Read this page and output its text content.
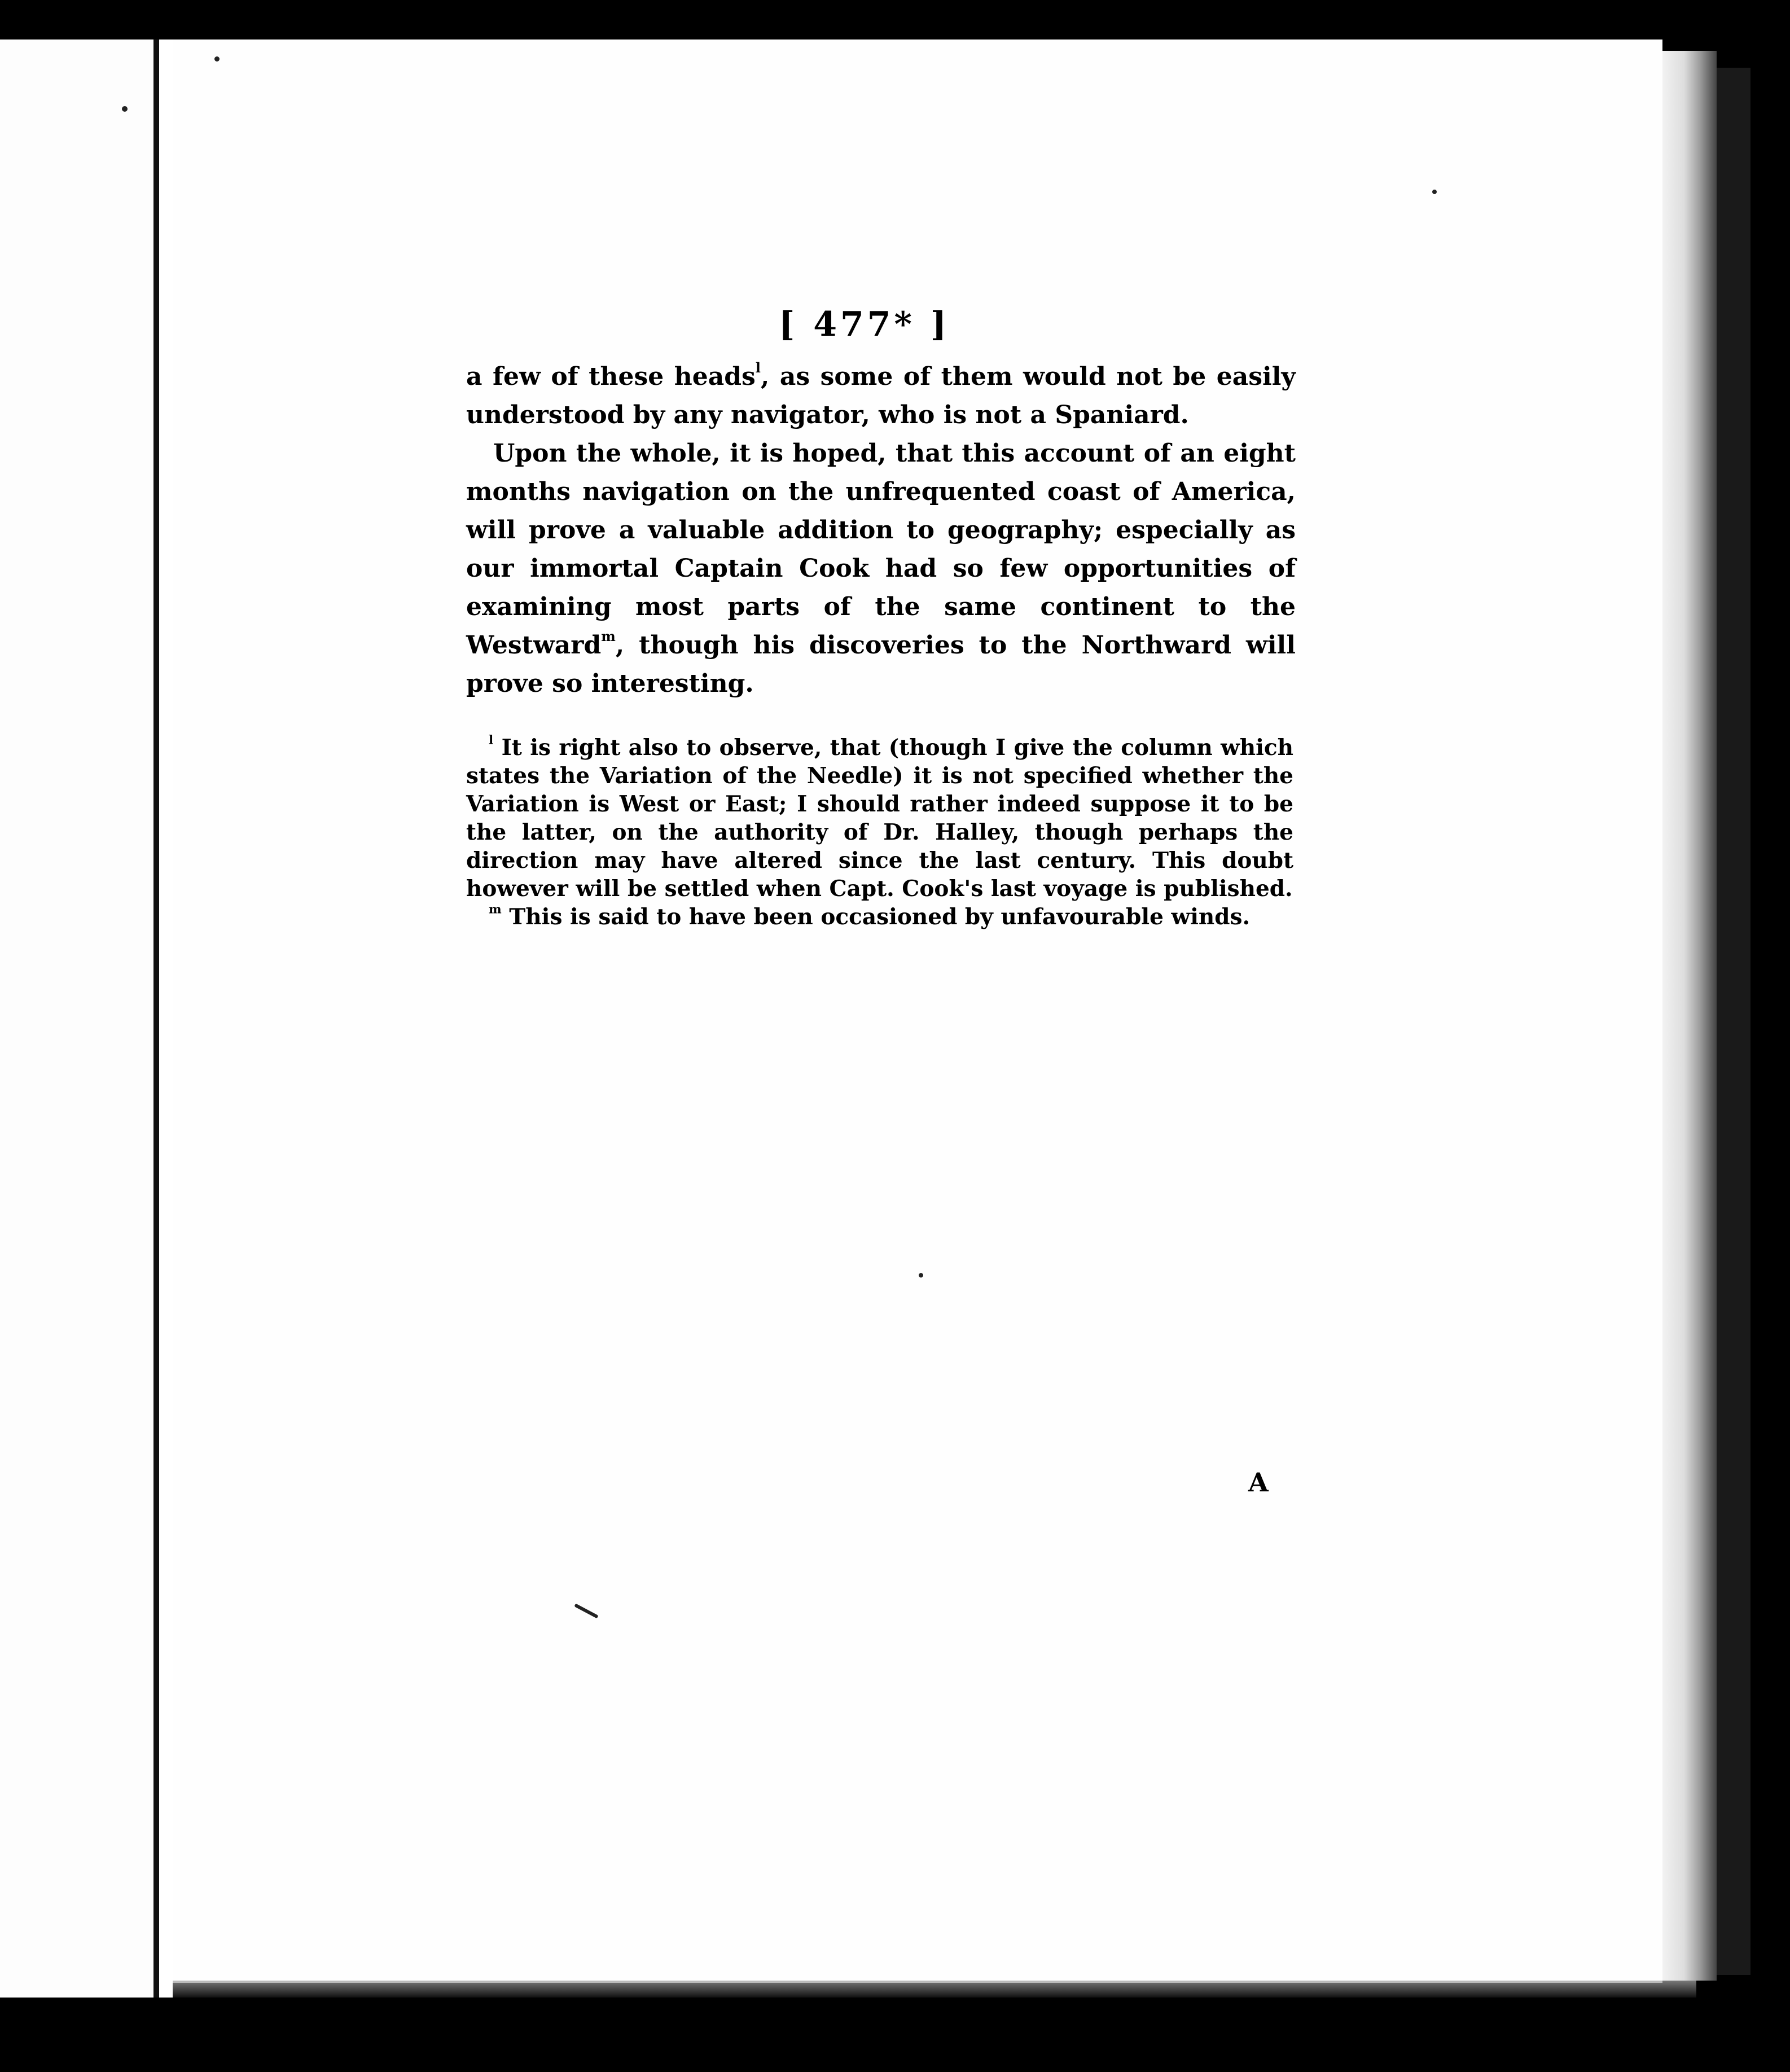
[ 477* ]

a few of these heads$^l$, as some of them would not be easily understood by any navigator, who is not a Spaniard.

Upon the whole, it is hoped, that this account of an eight months navigation on the unfrequented coast of America, will prove a valuable addition to geography; especially as our immortal Captain Cook had so few opportunities of examining most parts of the same continent to the Westward$^m$, though his discoveries to the Northward will prove so interesting.

$^l$ It is right also to observe, that (though I give the column which states the Variation of the Needle) it is not specified whether the Variation is West or East; I should rather indeed suppose it to be the latter, on the authority of Dr. Halley, though perhaps the direction may have altered since the last century. This doubt however will be settled when Capt. Cook's last voyage is published.

$^m$ This is said to have been occasioned by unfavourable winds.

A
